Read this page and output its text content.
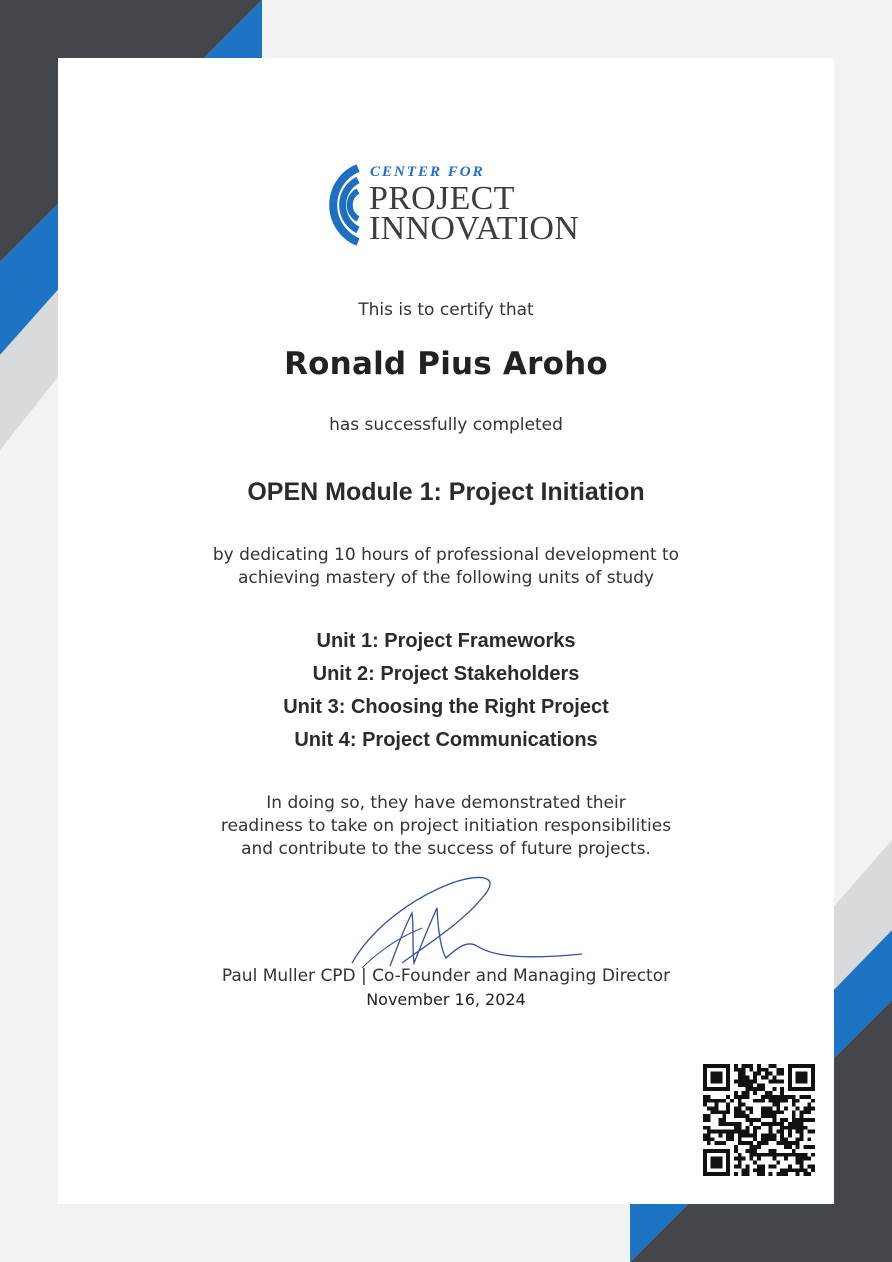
CENTER FOR
PROJECT
INNOVATION
This is to certify that
Ronald Pius Aroho
has successfully completed
OPEN Module 1: Project Initiation
by dedicating 10 hours of professional development to
achieving mastery of the following units of study
Unit 1: Project Frameworks
Unit 2: Project Stakeholders
Unit 3: Choosing the Right Project
Unit 4: Project Communications
In doing so, they have demonstrated their
readiness to take on project initiation responsibilities
and contribute to the success of future projects.
Paul Muller CPD | Co-Founder and Managing Director
November 16, 2024
